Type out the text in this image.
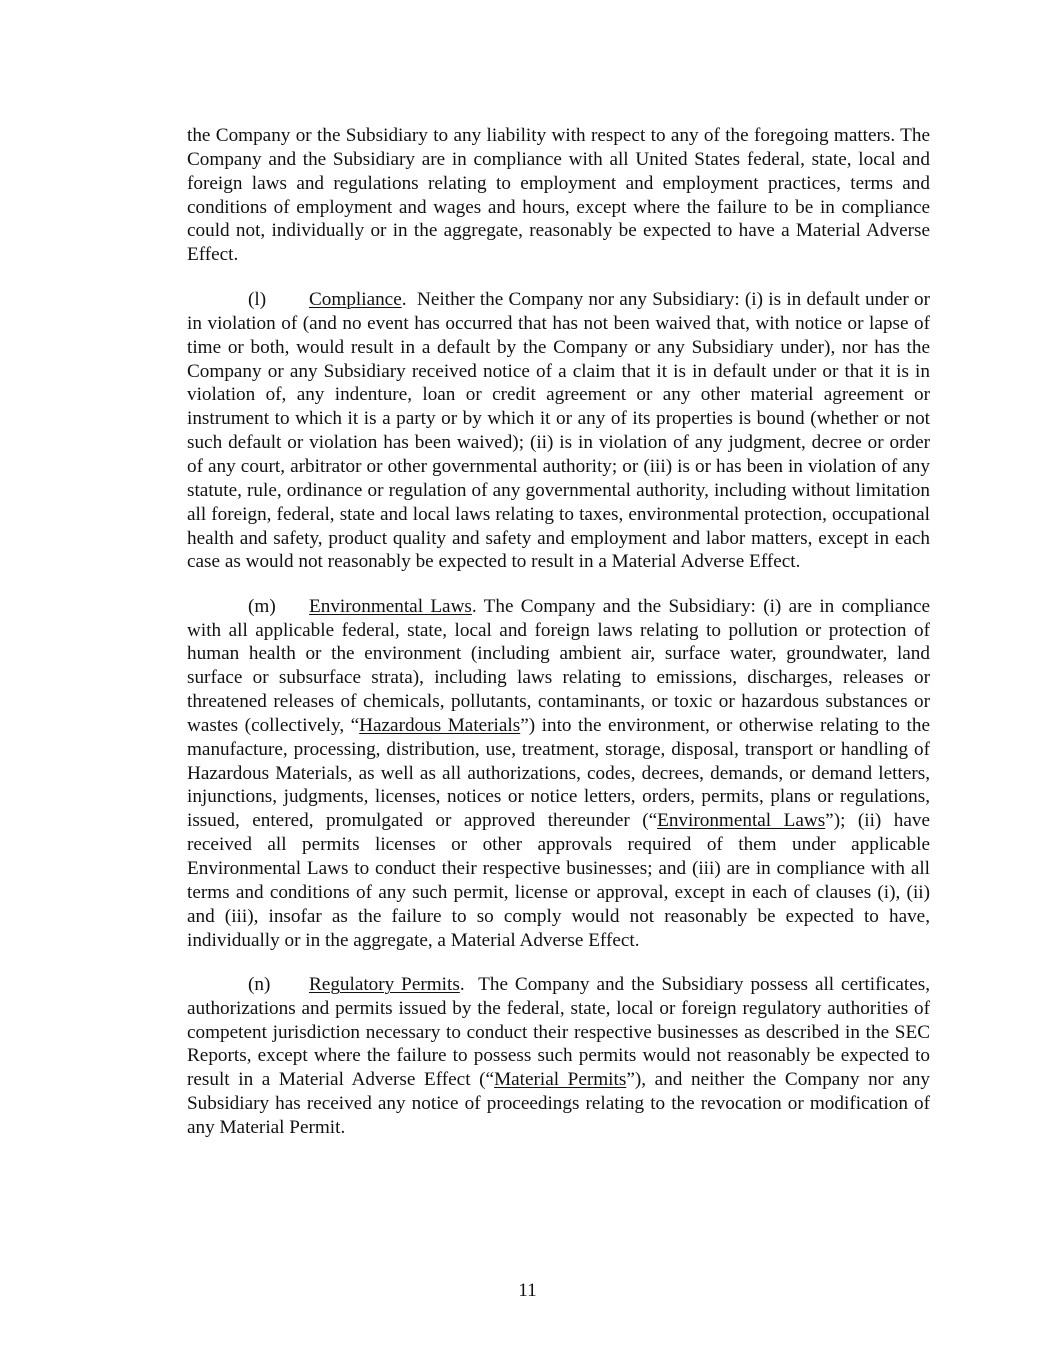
the Company or the Subsidiary to any liability with respect to any of the foregoing matters. The Company and the Subsidiary are in compliance with all United States federal, state, local and foreign laws and regulations relating to employment and employment practices, terms and conditions of employment and wages and hours, except where the failure to be in compliance could not, individually or in the aggregate, reasonably be expected to have a Material Adverse Effect.

(l) Compliance. Neither the Company nor any Subsidiary: (i) is in default under or in violation of (and no event has occurred that has not been waived that, with notice or lapse of time or both, would result in a default by the Company or any Subsidiary under), nor has the Company or any Subsidiary received notice of a claim that it is in default under or that it is in violation of, any indenture, loan or credit agreement or any other material agreement or instrument to which it is a party or by which it or any of its properties is bound (whether or not such default or violation has been waived); (ii) is in violation of any judgment, decree or order of any court, arbitrator or other governmental authority; or (iii) is or has been in violation of any statute, rule, ordinance or regulation of any governmental authority, including without limitation all foreign, federal, state and local laws relating to taxes, environmental protection, occupational health and safety, product quality and safety and employment and labor matters, except in each case as would not reasonably be expected to result in a Material Adverse Effect.

(m) Environmental Laws. The Company and the Subsidiary: (i) are in compliance with all applicable federal, state, local and foreign laws relating to pollution or protection of human health or the environment (including ambient air, surface water, groundwater, land surface or subsurface strata), including laws relating to emissions, discharges, releases or threatened releases of chemicals, pollutants, contaminants, or toxic or hazardous substances or wastes (collectively, “Hazardous Materials”) into the environment, or otherwise relating to the manufacture, processing, distribution, use, treatment, storage, disposal, transport or handling of Hazardous Materials, as well as all authorizations, codes, decrees, demands, or demand letters, injunctions, judgments, licenses, notices or notice letters, orders, permits, plans or regulations, issued, entered, promulgated or approved thereunder (“Environmental Laws”); (ii) have received all permits licenses or other approvals required of them under applicable Environmental Laws to conduct their respective businesses; and (iii) are in compliance with all terms and conditions of any such permit, license or approval, except in each of clauses (i), (ii) and (iii), insofar as the failure to so comply would not reasonably be expected to have, individually or in the aggregate, a Material Adverse Effect.

(n) Regulatory Permits. The Company and the Subsidiary possess all certificates, authorizations and permits issued by the federal, state, local or foreign regulatory authorities of competent jurisdiction necessary to conduct their respective businesses as described in the SEC Reports, except where the failure to possess such permits would not reasonably be expected to result in a Material Adverse Effect (“Material Permits”), and neither the Company nor any Subsidiary has received any notice of proceedings relating to the revocation or modification of any Material Permit.

11
